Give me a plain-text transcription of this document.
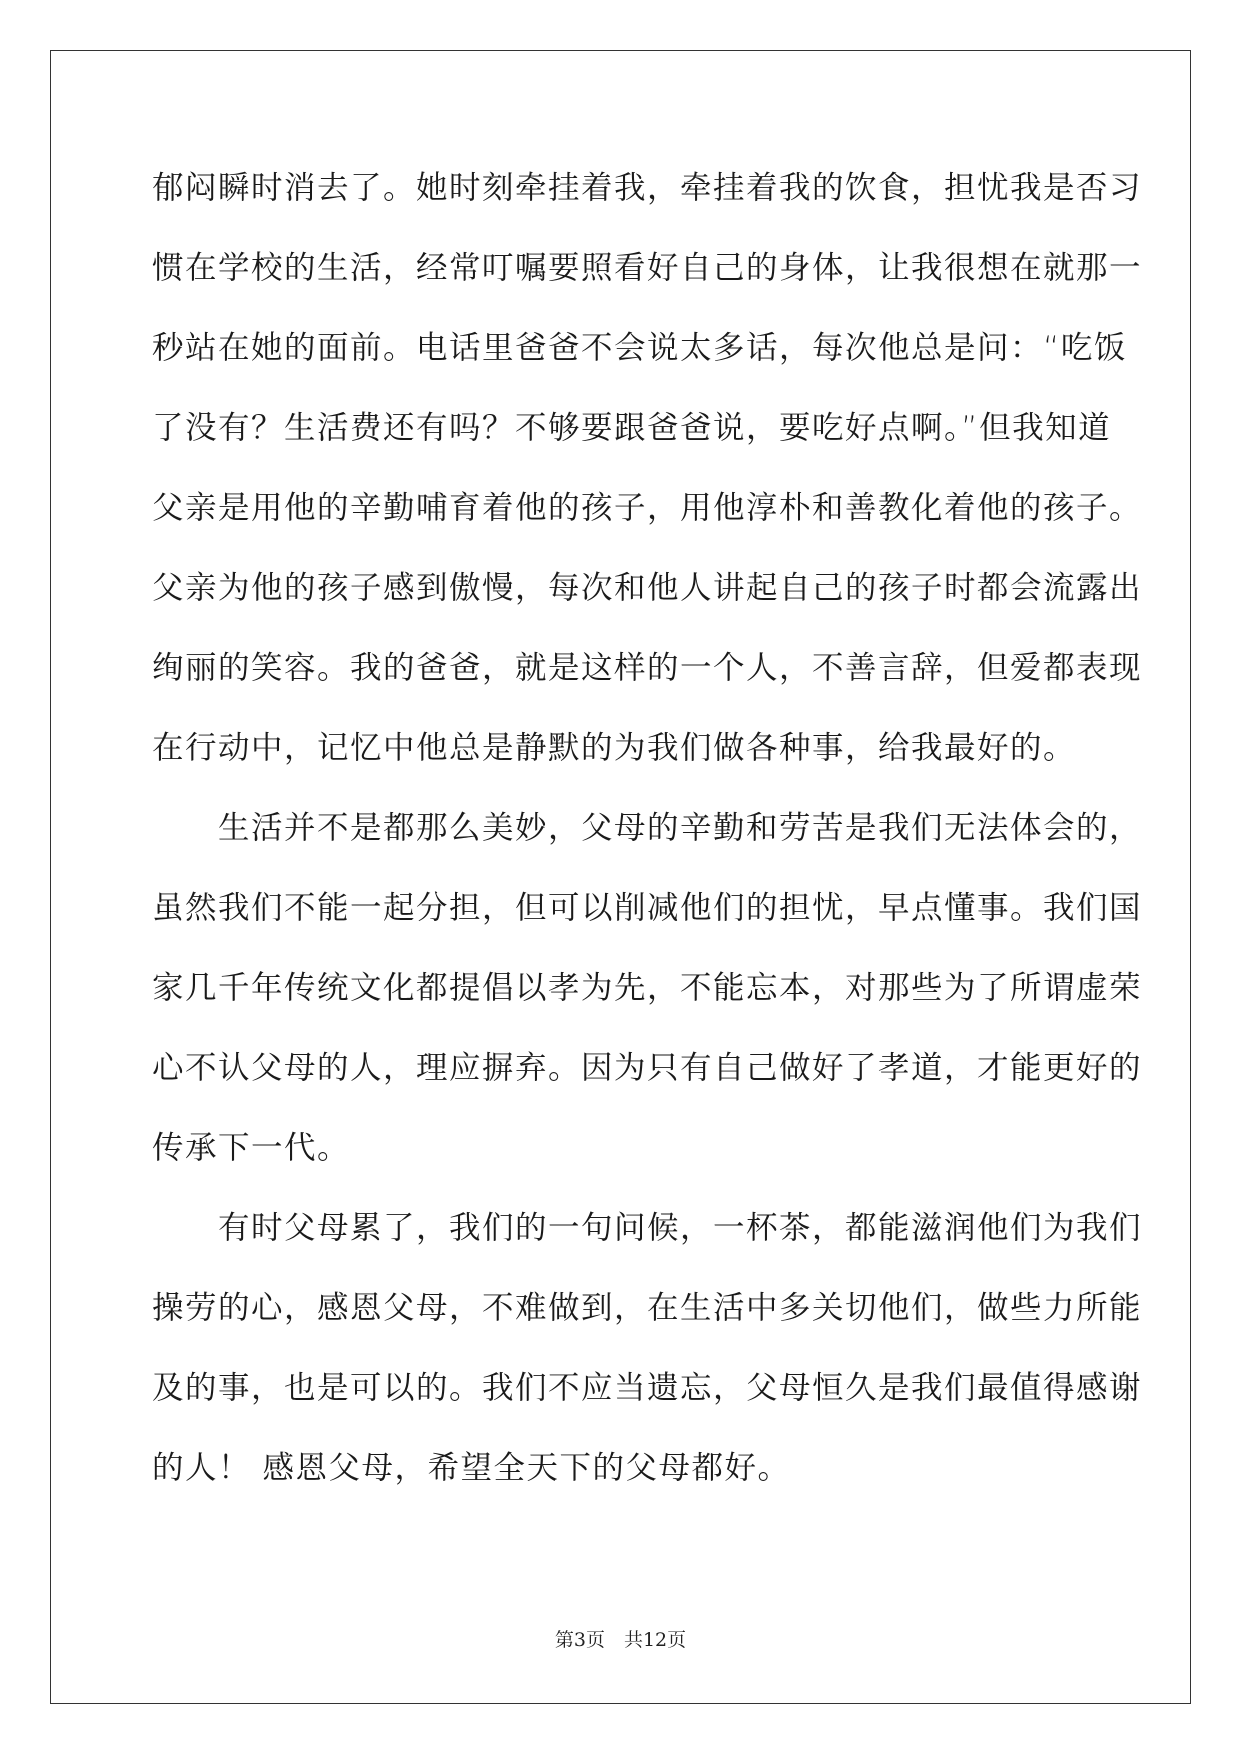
郁闷瞬时消去了。她时刻牵挂着我，牵挂着我的饮食，担忧我是否习
惯在学校的生活，经常叮嘱要照看好自己的身体，让我很想在就那一
秒站在她的面前。电话里爸爸不会说太多话，每次他总是问：“吃饭
了没有？生活费还有吗？不够要跟爸爸说，要吃好点啊。”但我知道
父亲是用他的辛勤哺育着他的孩子，用他淳朴和善教化着他的孩子。
父亲为他的孩子感到傲慢，每次和他人讲起自己的孩子时都会流露出
绚丽的笑容。我的爸爸，就是这样的一个人，不善言辞，但爱都表现
在行动中，记忆中他总是静默的为我们做各种事，给我最好的。
　　生活并不是都那么美妙，父母的辛勤和劳苦是我们无法体会的，
虽然我们不能一起分担，但可以削减他们的担忧，早点懂事。我们国
家几千年传统文化都提倡以孝为先，不能忘本，对那些为了所谓虚荣
心不认父母的人，理应摒弃。因为只有自己做好了孝道，才能更好的
传承下一代。
　　有时父母累了，我们的一句问候，一杯茶，都能滋润他们为我们
操劳的心，感恩父母，不难做到，在生活中多关切他们，做些力所能
及的事，也是可以的。我们不应当遗忘，父母恒久是我们最值得感谢
的人！ 感恩父母，希望全天下的父母都好。
第3页　共12页
